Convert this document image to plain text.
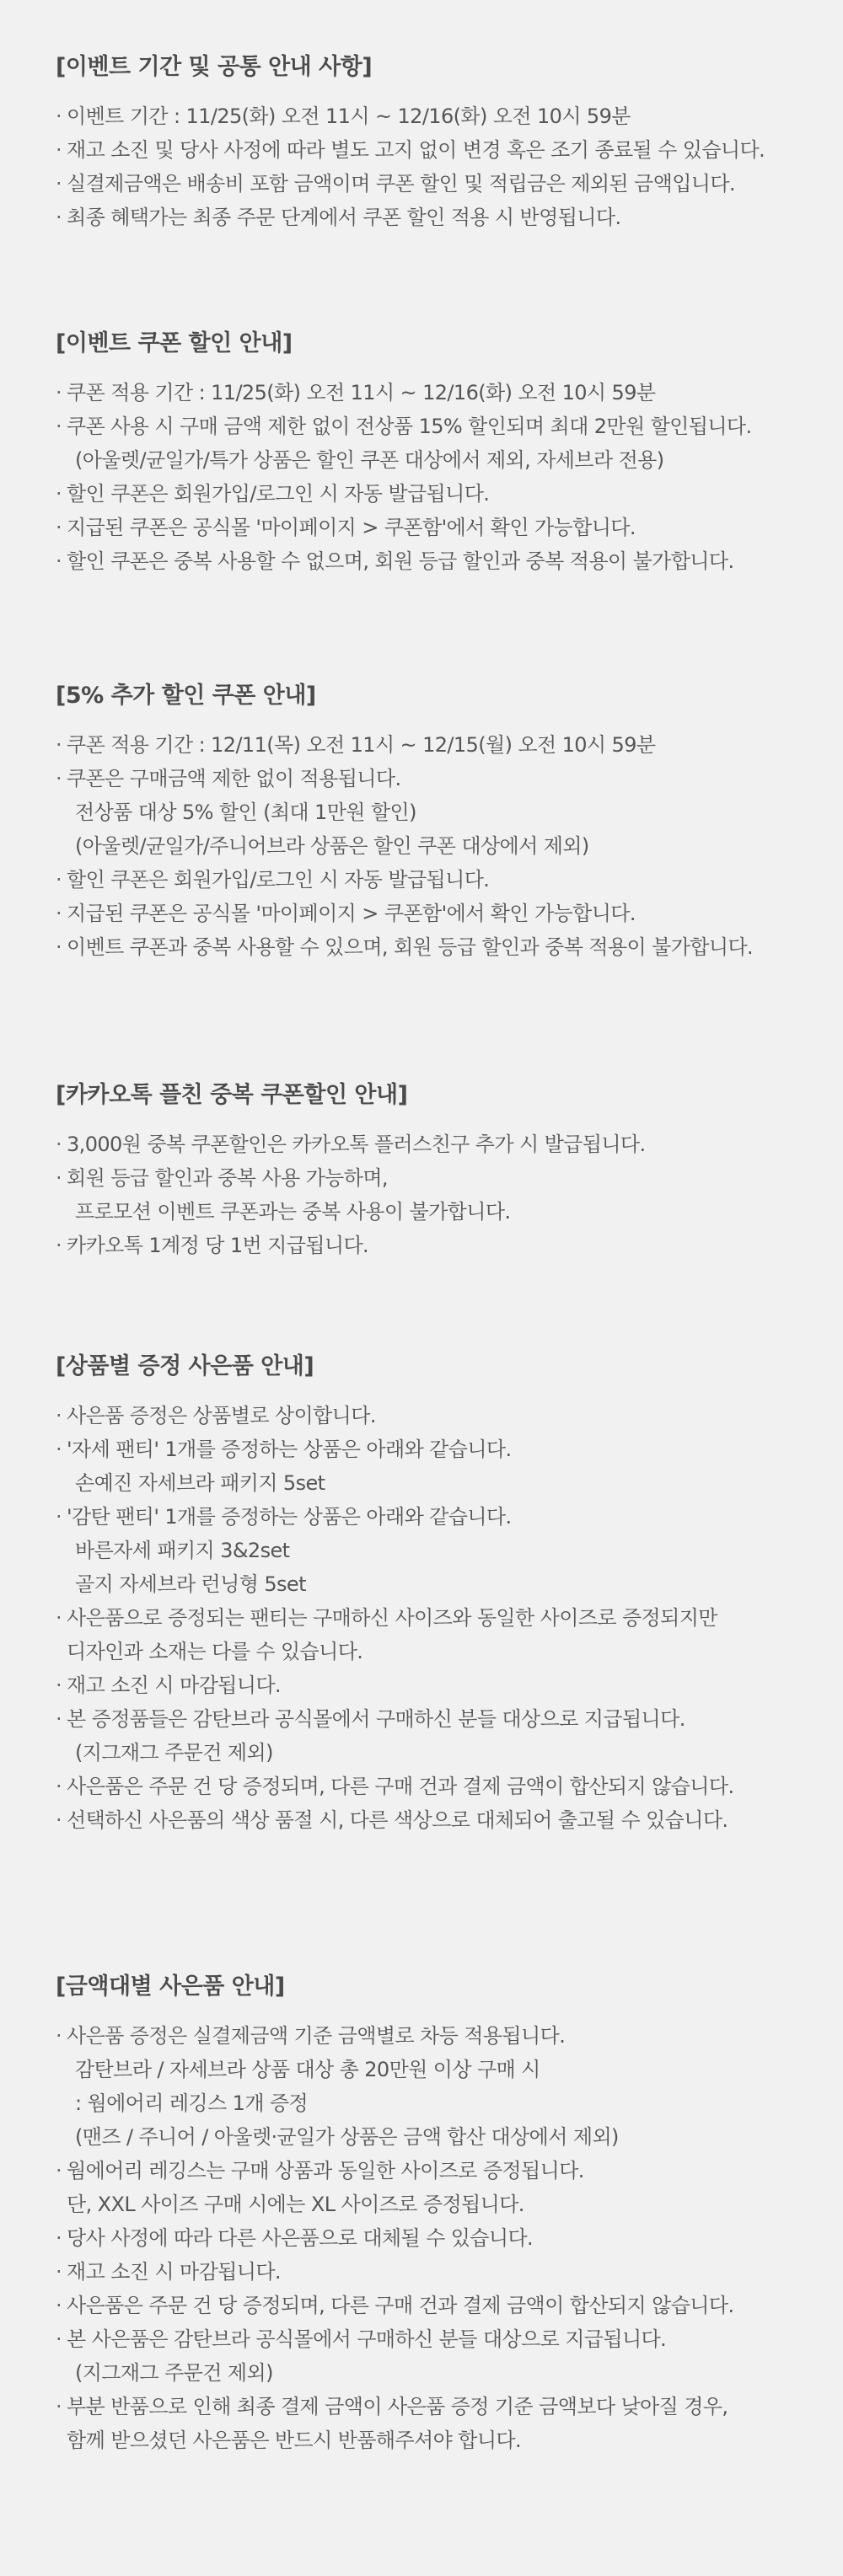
[이벤트 기간 및 공통 안내 사항]
· 이벤트 기간 : 11/25(화) 오전 11시 ~ 12/16(화) 오전 10시 59분
· 재고 소진 및 당사 사정에 따라 별도 고지 없이 변경 혹은 조기 종료될 수 있습니다.
· 실결제금액은 배송비 포함 금액이며 쿠폰 할인 및 적립금은 제외된 금액입니다.
· 최종 혜택가는 최종 주문 단계에서 쿠폰 할인 적용 시 반영됩니다.
[이벤트 쿠폰 할인 안내]
· 쿠폰 적용 기간 : 11/25(화) 오전 11시 ~ 12/16(화) 오전 10시 59분
· 쿠폰 사용 시 구매 금액 제한 없이 전상품 15% 할인되며 최대 2만원 할인됩니다.
(아울렛/균일가/특가 상품은 할인 쿠폰 대상에서 제외, 자세브라 전용)
· 할인 쿠폰은 회원가입/로그인 시 자동 발급됩니다.
· 지급된 쿠폰은 공식몰 '마이페이지 > 쿠폰함'에서 확인 가능합니다.
· 할인 쿠폰은 중복 사용할 수 없으며, 회원 등급 할인과 중복 적용이 불가합니다.
[5% 추가 할인 쿠폰 안내]
· 쿠폰 적용 기간 : 12/11(목) 오전 11시 ~ 12/15(월) 오전 10시 59분
· 쿠폰은 구매금액 제한 없이 적용됩니다.
전상품 대상 5% 할인 (최대 1만원 할인)
(아울렛/균일가/주니어브라 상품은 할인 쿠폰 대상에서 제외)
· 할인 쿠폰은 회원가입/로그인 시 자동 발급됩니다.
· 지급된 쿠폰은 공식몰 '마이페이지 > 쿠폰함'에서 확인 가능합니다.
· 이벤트 쿠폰과 중복 사용할 수 있으며, 회원 등급 할인과 중복 적용이 불가합니다.
[카카오톡 플친 중복 쿠폰할인 안내]
· 3,000원 중복 쿠폰할인은 카카오톡 플러스친구 추가 시 발급됩니다.
· 회원 등급 할인과 중복 사용 가능하며,
프로모션 이벤트 쿠폰과는 중복 사용이 불가합니다.
· 카카오톡 1계정 당 1번 지급됩니다.
[상품별 증정 사은품 안내]
· 사은품 증정은 상품별로 상이합니다.
· '자세 팬티' 1개를 증정하는 상품은 아래와 같습니다.
손예진 자세브라 패키지 5set
· '감탄 팬티' 1개를 증정하는 상품은 아래와 같습니다.
바른자세 패키지 3&2set
골지 자세브라 런닝형 5set
· 사은품으로 증정되는 팬티는 구매하신 사이즈와 동일한 사이즈로 증정되지만
디자인과 소재는 다를 수 있습니다.
· 재고 소진 시 마감됩니다.
· 본 증정품들은 감탄브라 공식몰에서 구매하신 분들 대상으로 지급됩니다.
(지그재그 주문건 제외)
· 사은품은 주문 건 당 증정되며, 다른 구매 건과 결제 금액이 합산되지 않습니다.
· 선택하신 사은품의 색상 품절 시, 다른 색상으로 대체되어 출고될 수 있습니다.
[금액대별 사은품 안내]
· 사은품 증정은 실결제금액 기준 금액별로 차등 적용됩니다.
감탄브라 / 자세브라 상품 대상 총 20만원 이상 구매 시
: 웜에어리 레깅스 1개 증정
(맨즈 / 주니어 / 아울렛·균일가 상품은 금액 합산 대상에서 제외)
· 웜에어리 레깅스는 구매 상품과 동일한 사이즈로 증정됩니다.
단, XXL 사이즈 구매 시에는 XL 사이즈로 증정됩니다.
· 당사 사정에 따라 다른 사은품으로 대체될 수 있습니다.
· 재고 소진 시 마감됩니다.
· 사은품은 주문 건 당 증정되며, 다른 구매 건과 결제 금액이 합산되지 않습니다.
· 본 사은품은 감탄브라 공식몰에서 구매하신 분들 대상으로 지급됩니다.
(지그재그 주문건 제외)
· 부분 반품으로 인해 최종 결제 금액이 사은품 증정 기준 금액보다 낮아질 경우,
함께 받으셨던 사은품은 반드시 반품해주셔야 합니다.
